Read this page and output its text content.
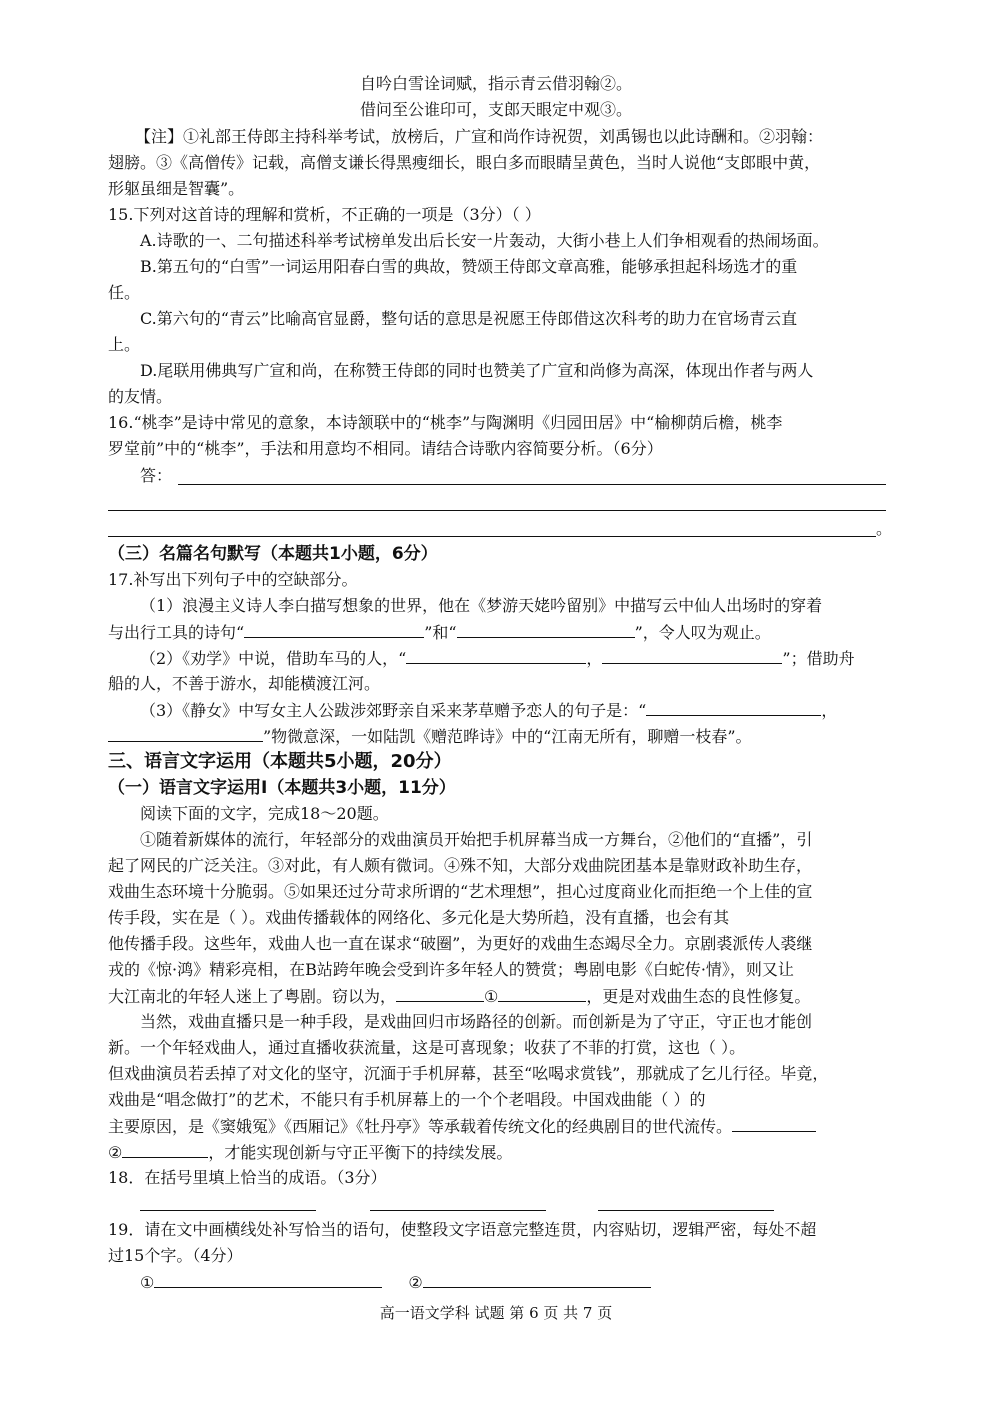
自吟白雪诠词赋，指示青云借羽翰②。
借问至公谁印可，支郎天眼定中观③。
【注】①礼部王侍郎主持科举考试，放榜后，广宣和尚作诗祝贺，刘禹锡也以此诗酬和。②羽翰：
翅膀。③《高僧传》记载，高僧支谦长得黑瘦细长，眼白多而眼睛呈黄色，当时人说他“支郎眼中黄，
形躯虽细是智囊”。
15.下列对这首诗的理解和赏析，不正确的一项是（3分）（ ）
A.诗歌的一、二句描述科举考试榜单发出后长安一片轰动，大街小巷上人们争相观看的热闹场面。
B.第五句的“白雪”一词运用阳春白雪的典故，赞颂王侍郎文章高雅，能够承担起科场选才的重
任。
C.第六句的“青云”比喻高官显爵，整句话的意思是祝愿王侍郎借这次科考的助力在官场青云直
上。
D.尾联用佛典写广宣和尚，在称赞王侍郎的同时也赞美了广宣和尚修为高深，体现出作者与两人
的友情。
16.“桃李”是诗中常见的意象，本诗颔联中的“桃李”与陶渊明《归园田居》中“榆柳荫后檐，桃李
罗堂前”中的“桃李”，手法和用意均不相同。请结合诗歌内容简要分析。（6分）
答：
。
（三）名篇名句默写（本题共1小题，6分）
17.补写出下列句子中的空缺部分。
（1）浪漫主义诗人李白描写想象的世界，他在《梦游天姥吟留别》中描写云中仙人出场时的穿着
与出行工具的诗句“	”和“	”，令人叹为观止。
（2）《劝学》中说，借助车马的人，“	，	”；借助舟
船的人，不善于游水，却能横渡江河。
（3）《静女》中写女主人公跋涉郊野亲自采来茅草赠予恋人的句子是：“	，
”物微意深，一如陆凯《赠范晔诗》中的“江南无所有，聊赠一枝春”。
三、语言文字运用（本题共5小题，20分）
（一）语言文字运用Ⅰ（本题共3小题，11分）
阅读下面的文字，完成18～20题。
①随着新媒体的流行，年轻部分的戏曲演员开始把手机屏幕当成一方舞台，②他们的“直播”，引
起了网民的广泛关注。③对此，有人颇有微词。④殊不知，大部分戏曲院团基本是靠财政补助生存，
戏曲生态环境十分脆弱。⑤如果还过分苛求所谓的“艺术理想”，担心过度商业化而拒绝一个上佳的宣
传手段，实在是（ ）。戏曲传播载体的网络化、多元化是大势所趋，没有直播，也会有其
他传播手段。这些年，戏曲人也一直在谋求“破圈”，为更好的戏曲生态竭尽全力。京剧裘派传人裘继
戎的《惊·鸿》精彩亮相，在B站跨年晚会受到许多年轻人的赞赏；粤剧电影《白蛇传·情》，则又让
大江南北的年轻人迷上了粤剧。窃以为，	①	，更是对戏曲生态的良性修复。
当然，戏曲直播只是一种手段，是戏曲回归市场路径的创新。而创新是为了守正，守正也才能创
新。一个年轻戏曲人，通过直播收获流量，这是可喜现象；收获了不菲的打赏，这也（ ）。
但戏曲演员若丢掉了对文化的坚守，沉湎于手机屏幕，甚至“吆喝求赏钱”，那就成了乞儿行径。毕竟，
戏曲是“唱念做打”的艺术，不能只有手机屏幕上的一个个老唱段。中国戏曲能（ ）的
主要原因，是《窦娥冤》《西厢记》《牡丹亭》等承载着传统文化的经典剧目的世代流传。
②	，才能实现创新与守正平衡下的持续发展。
18．在括号里填上恰当的成语。（3分）
19．请在文中画横线处补写恰当的语句，使整段文字语意完整连贯，内容贴切，逻辑严密，每处不超
过15个字。（4分）
①	②
高一语文学科 试题 第 6 页 共 7 页
